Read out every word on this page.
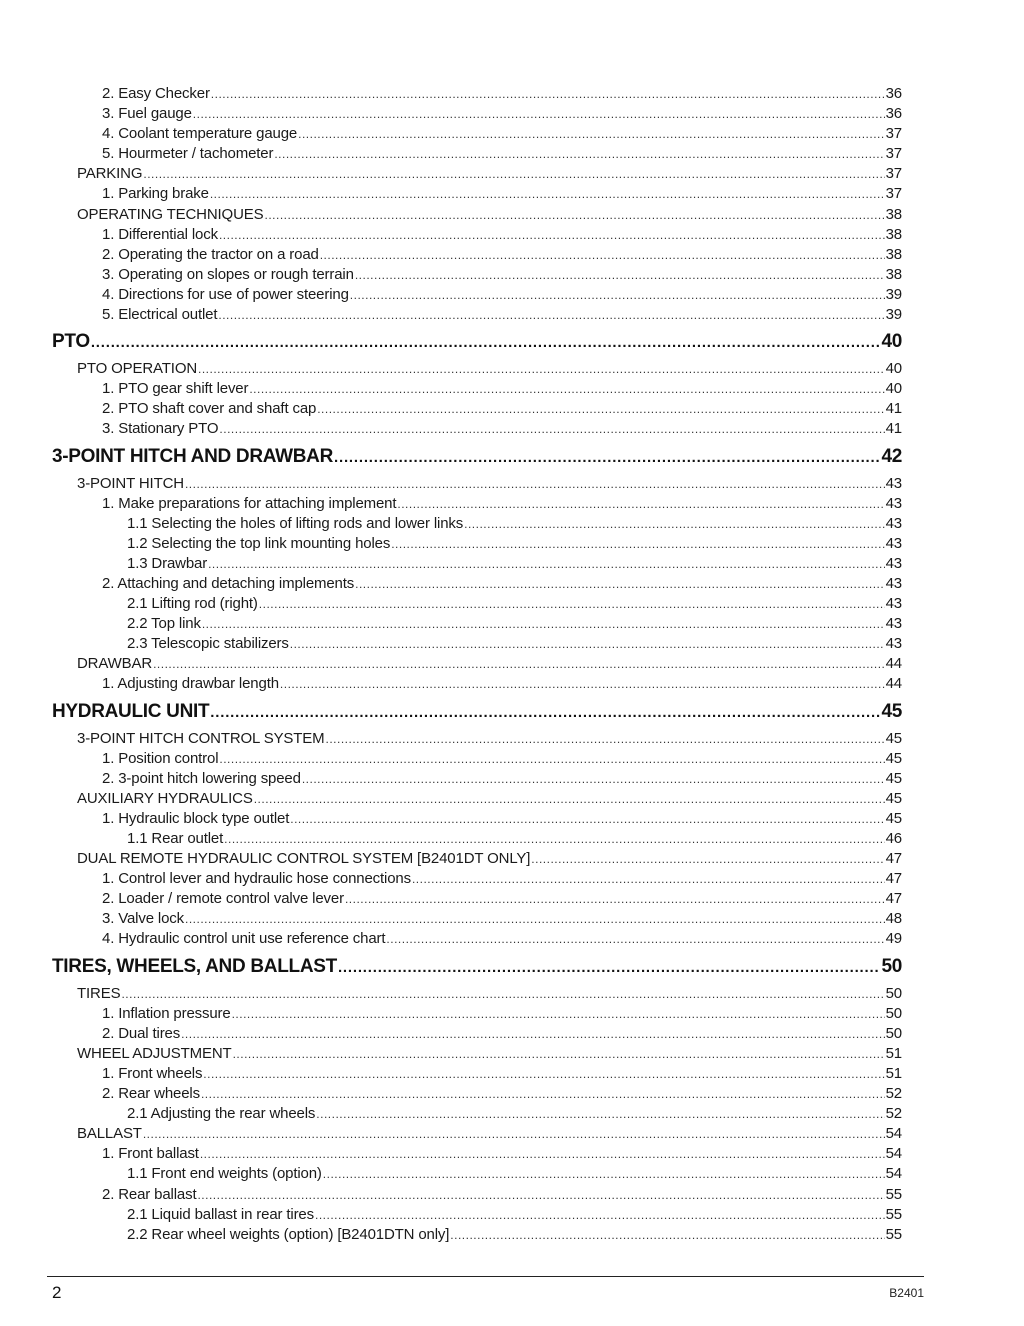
2. Easy Checker .....	36
3. Fuel gauge .....	36
4. Coolant temperature gauge .....	37
5. Hourmeter / tachometer .....	37
PARKING .....	37
1. Parking brake .....	37
OPERATING TECHNIQUES .....	38
1. Differential lock .....	38
2. Operating the tractor on a road .....	38
3. Operating on slopes or rough terrain .....	38
4. Directions for use of power steering .....	39
5. Electrical outlet .....	39
PTO .....	40
PTO OPERATION .....	40
1. PTO gear shift lever .....	40
2. PTO shaft cover and shaft cap .....	41
3. Stationary PTO .....	41
3-POINT HITCH AND DRAWBAR .....	42
3-POINT HITCH .....	43
1. Make preparations for attaching implement .....	43
1.1 Selecting the holes of lifting rods and lower links .....	43
1.2 Selecting the top link mounting holes .....	43
1.3 Drawbar .....	43
2. Attaching and detaching implements .....	43
2.1 Lifting rod (right) .....	43
2.2 Top link .....	43
2.3 Telescopic stabilizers .....	43
DRAWBAR .....	44
1. Adjusting drawbar length .....	44
HYDRAULIC UNIT .....	45
3-POINT HITCH CONTROL SYSTEM .....	45
1. Position control .....	45
2. 3-point hitch lowering speed .....	45
AUXILIARY HYDRAULICS .....	45
1. Hydraulic block type outlet .....	45
1.1 Rear outlet .....	46
DUAL REMOTE HYDRAULIC CONTROL SYSTEM [B2401DT ONLY] .....	47
1. Control lever and hydraulic hose connections .....	47
2. Loader / remote control valve lever .....	47
3. Valve lock .....	48
4. Hydraulic control unit use reference chart .....	49
TIRES, WHEELS, AND BALLAST .....	50
TIRES .....	50
1. Inflation pressure .....	50
2. Dual tires .....	50
WHEEL ADJUSTMENT .....	51
1. Front wheels .....	51
2. Rear wheels .....	52
2.1 Adjusting the rear wheels .....	52
BALLAST .....	54
1. Front ballast .....	54
1.1 Front end weights (option) .....	54
2. Rear ballast .....	55
2.1 Liquid ballast in rear tires .....	55
2.2 Rear wheel weights (option) [B2401DTN only] .....	55
2	B2401
